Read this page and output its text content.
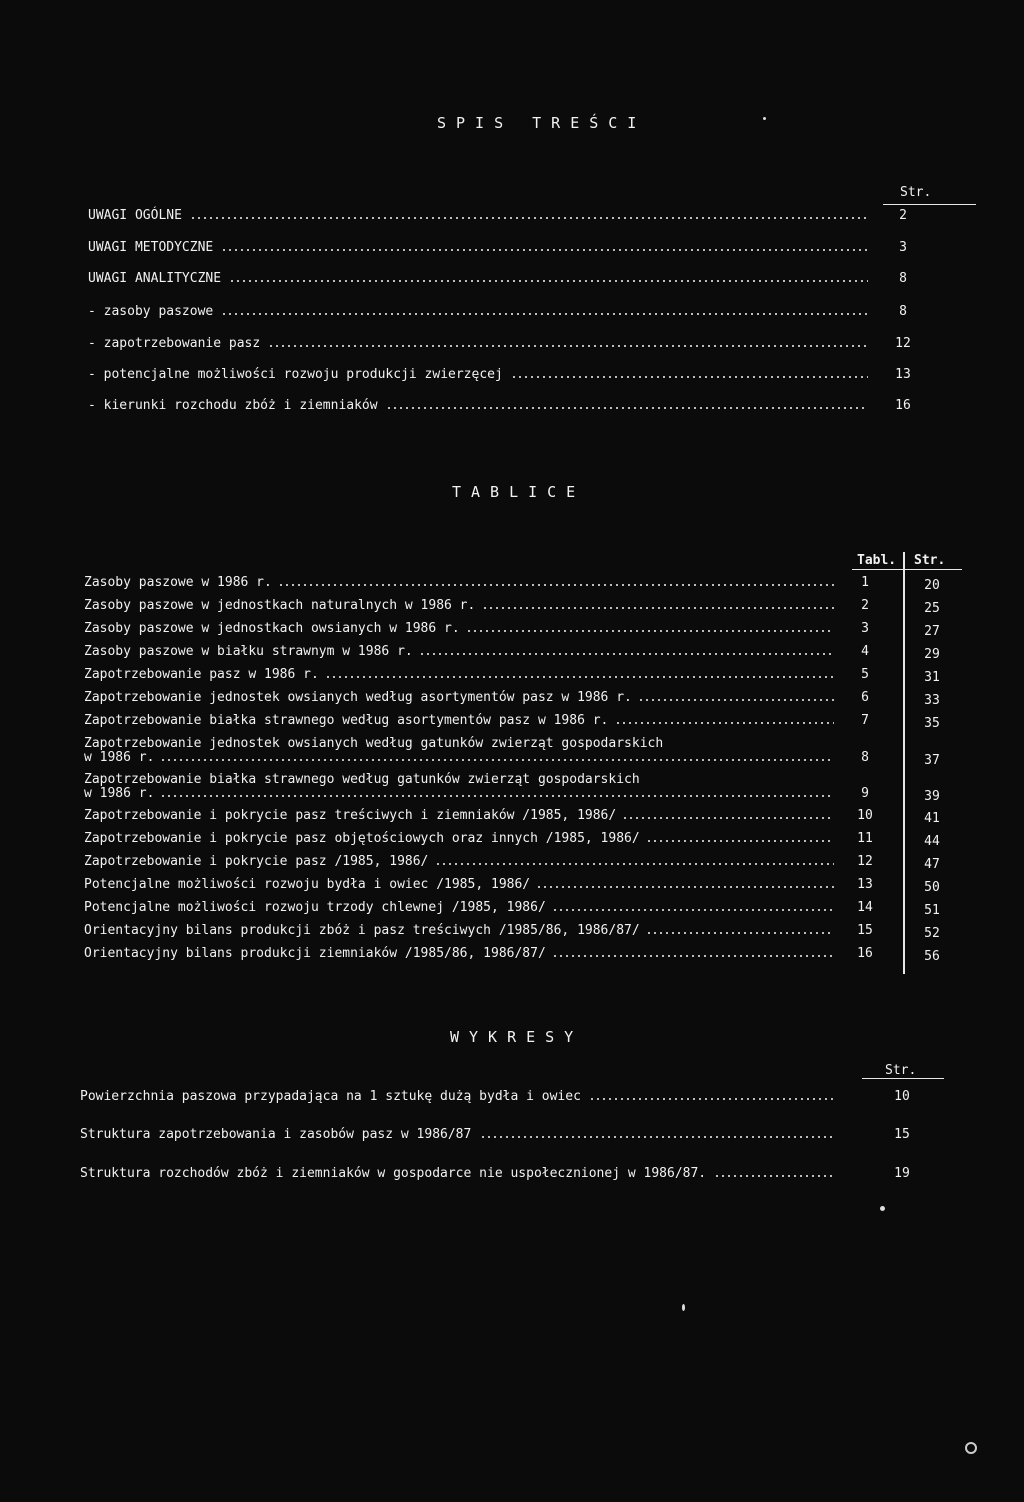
SPIS TREŚCI
Str.
UWAGI OGÓLNE	2
UWAGI METODYCZNE	3
UWAGI ANALITYCZNE	8
- zasoby paszowe	8
- zapotrzebowanie pasz	12
- potencjalne możliwości rozwoju produkcji zwierzęcej	13
- kierunki rozchodu zbóż i ziemniaków	16
TABLICE
Tabl. Str.
Zasoby paszowe w 1986 r.	1	20
Zasoby paszowe w jednostkach naturalnych w 1986 r.	2	25
Zasoby paszowe w jednostkach owsianych w 1986 r.	3	27
Zasoby paszowe w białku strawnym w 1986 r.	4	29
Zapotrzebowanie pasz w 1986 r.	5	31
Zapotrzebowanie jednostek owsianych według asortymentów pasz w 1986 r.	6	33
Zapotrzebowanie białka strawnego według asortymentów pasz w 1986 r.	7	35
Zapotrzebowanie jednostek owsianych według gatunków zwierząt gospodarskich
w 1986 r.	8	37
Zapotrzebowanie białka strawnego według gatunków zwierząt gospodarskich
w 1986 r.	9	39
Zapotrzebowanie i pokrycie pasz treściwych i ziemniaków /1985, 1986/	10	41
Zapotrzebowanie i pokrycie pasz objętościowych oraz innych /1985, 1986/	11	44
Zapotrzebowanie i pokrycie pasz /1985, 1986/	12	47
Potencjalne możliwości rozwoju bydła i owiec /1985, 1986/	13	50
Potencjalne możliwości rozwoju trzody chlewnej /1985, 1986/	14	51
Orientacyjny bilans produkcji zbóż i pasz treściwych /1985/86, 1986/87/	15	52
Orientacyjny bilans produkcji ziemniaków /1985/86, 1986/87/	16	56
WYKRESY
Str.
Powierzchnia paszowa przypadająca na 1 sztukę dużą bydła i owiec	10
Struktura zapotrzebowania i zasobów pasz w 1986/87	15
Struktura rozchodów zbóż i ziemniaków w gospodarce nie uspołecznionej w 1986/87.	19
